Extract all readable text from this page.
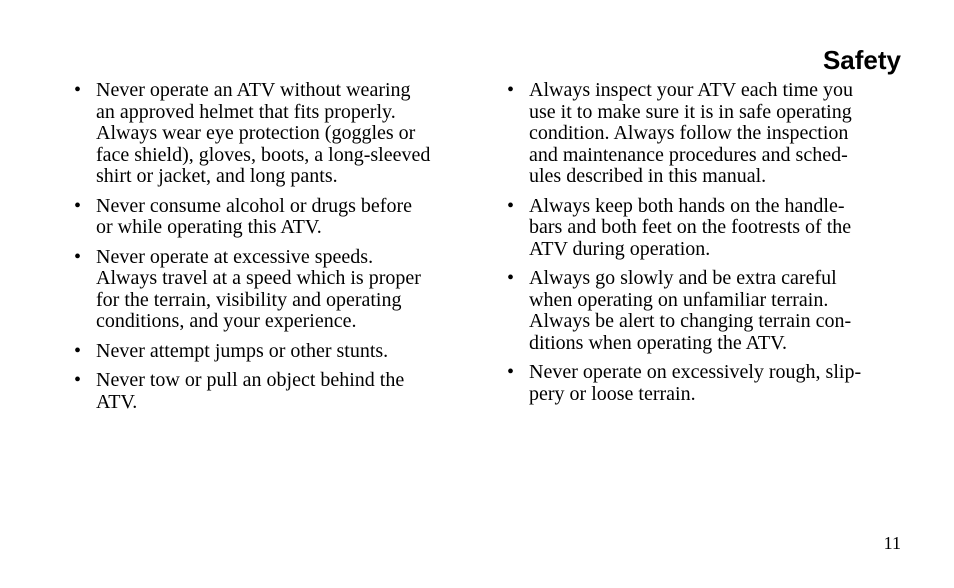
Safety
• Never operate an ATV without wearing
an approved helmet that fits properly.
Always wear eye protection (goggles or
face shield), gloves, boots, a long-sleeved
shirt or jacket, and long pants.
• Never consume alcohol or drugs before
or while operating this ATV.
• Never operate at excessive speeds.
Always travel at a speed which is proper
for the terrain, visibility and operating
conditions, and your experience.
• Never attempt jumps or other stunts.
• Never tow or pull an object behind the
ATV.
• Always inspect your ATV each time you
use it to make sure it is in safe operating
condition. Always follow the inspection
and maintenance procedures and sched-
ules described in this manual.
• Always keep both hands on the handle-
bars and both feet on the footrests of the
ATV during operation.
• Always go slowly and be extra careful
when operating on unfamiliar terrain.
Always be alert to changing terrain con-
ditions when operating the ATV.
• Never operate on excessively rough, slip-
pery or loose terrain.
11
